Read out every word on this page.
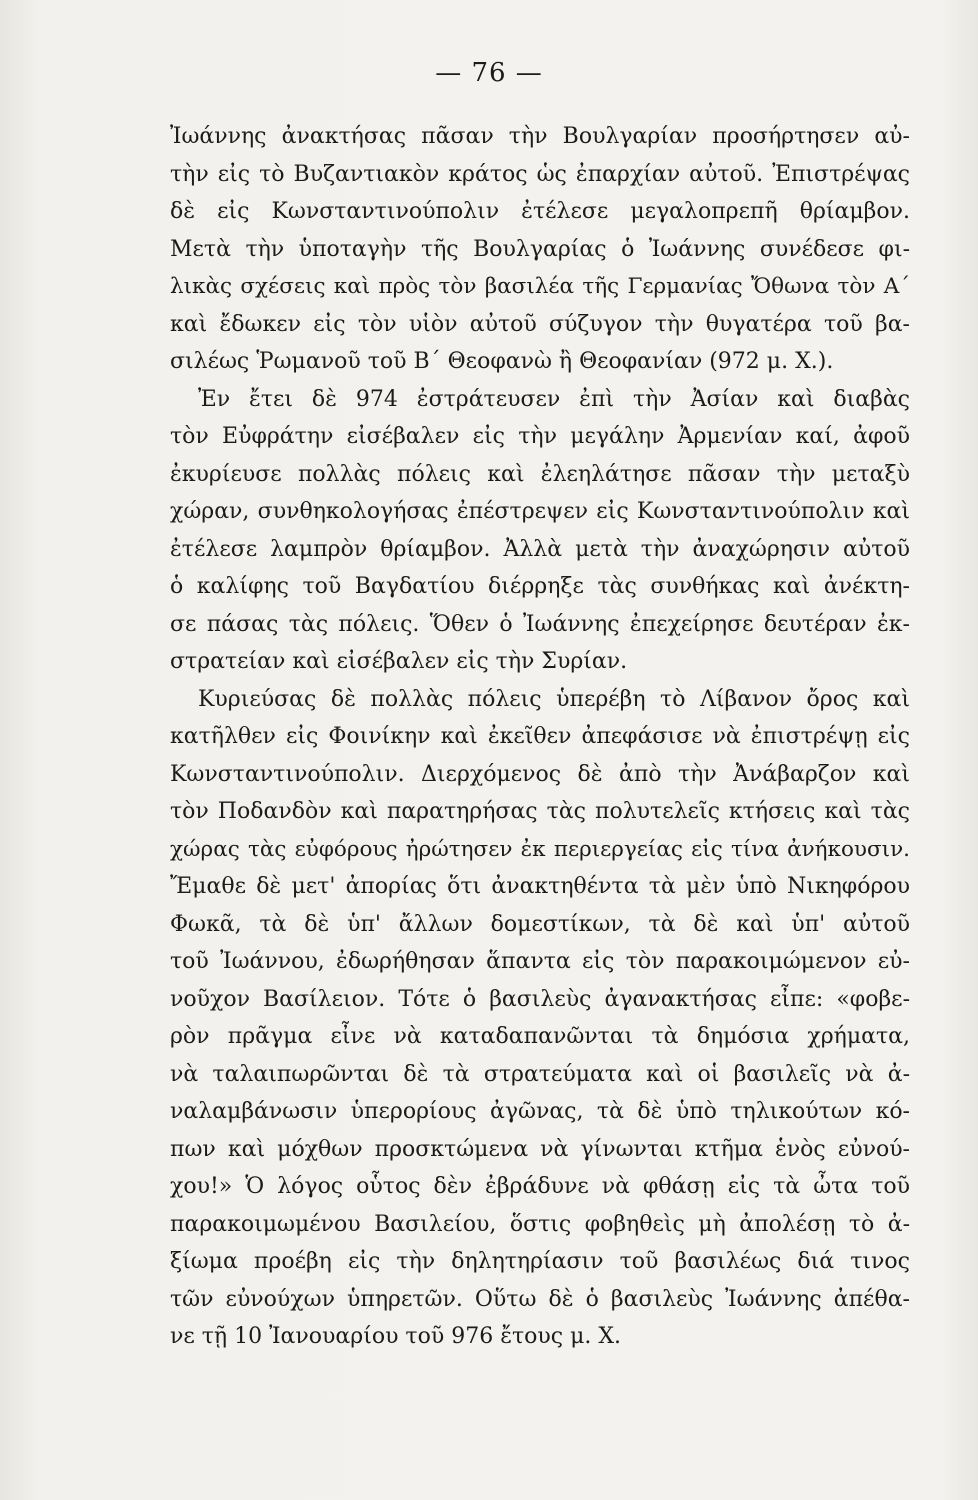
— 76 —
Ἰωάννης ἀνακτήσας πᾶσαν τὴν Βουλγαρίαν προσήρτησεν αὐ-
τὴν εἰς τὸ Βυζαντιακὸν κράτος ὡς ἐπαρχίαν αὐτοῦ. Ἐπιστρέψας
δὲ εἰς Κωνσταντινούπολιν ἐτέλεσε μεγαλοπρεπῆ θρίαμβον.
Μετὰ τὴν ὑποταγὴν τῆς Βουλγαρίας ὁ Ἰωάννης συνέδεσε φι-
λικὰς σχέσεις καὶ πρὸς τὸν βασιλέα τῆς Γερμανίας Ὄθωνα τὸν Α΄
καὶ ἔδωκεν εἰς τὸν υἱὸν αὐτοῦ σύζυγον τὴν θυγατέρα τοῦ βα-
σιλέως Ῥωμανοῦ τοῦ Β΄ Θεοφανὼ ἢ Θεοφανίαν (972 μ. Χ.).
Ἐν ἔτει δὲ 974 ἐστράτευσεν ἐπὶ τὴν Ἀσίαν καὶ διαβὰς
τὸν Εὐφράτην εἰσέβαλεν εἰς τὴν μεγάλην Ἀρμενίαν καί, ἀφοῦ
ἐκυρίευσε πολλὰς πόλεις καὶ ἐλεηλάτησε πᾶσαν τὴν μεταξὺ
χώραν, συνθηκολογήσας ἐπέστρεψεν εἰς Κωνσταντινούπολιν καὶ
ἐτέλεσε λαμπρὸν θρίαμβον. Ἀλλὰ μετὰ τὴν ἀναχώρησιν αὐτοῦ
ὁ καλίφης τοῦ Βαγδατίου διέρρηξε τὰς συνθήκας καὶ ἀνέκτη-
σε πάσας τὰς πόλεις. Ὅθεν ὁ Ἰωάννης ἐπεχείρησε δευτέραν ἐκ-
στρατείαν καὶ εἰσέβαλεν εἰς τὴν Συρίαν.
Κυριεύσας δὲ πολλὰς πόλεις ὑπερέβη τὸ Λίβανον ὄρος καὶ
κατῆλθεν εἰς Φοινίκην καὶ ἐκεῖθεν ἀπεφάσισε νὰ ἐπιστρέψῃ εἰς
Κωνσταντινούπολιν. Διερχόμενος δὲ ἀπὸ τὴν Ἀνάβαρζον καὶ
τὸν Ποδανδὸν καὶ παρατηρήσας τὰς πολυτελεῖς κτήσεις καὶ τὰς
χώρας τὰς εὐφόρους ἠρώτησεν ἐκ περιεργείας εἰς τίνα ἀνήκουσιν.
Ἔμαθε δὲ μετ' ἀπορίας ὅτι ἀνακτηθέντα τὰ μὲν ὑπὸ Νικηφόρου
Φωκᾶ, τὰ δὲ ὑπ' ἄλλων δομεστίκων, τὰ δὲ καὶ ὑπ' αὐτοῦ
τοῦ Ἰωάννου, ἐδωρήθησαν ἅπαντα εἰς τὸν παρακοιμώμενον εὐ-
νοῦχον Βασίλειον. Τότε ὁ βασιλεὺς ἀγανακτήσας εἶπε: «φοβε-
ρὸν πρᾶγμα εἶνε νὰ καταδαπανῶνται τὰ δημόσια χρήματα,
νὰ ταλαιπωρῶνται δὲ τὰ στρατεύματα καὶ οἱ βασιλεῖς νὰ ἀ-
ναλαμβάνωσιν ὑπερορίους ἀγῶνας, τὰ δὲ ὑπὸ τηλικούτων κό-
πων καὶ μόχθων προσκτώμενα νὰ γίνωνται κτῆμα ἑνὸς εὐνού-
χου!» Ὁ λόγος οὗτος δὲν ἐβράδυνε νὰ φθάσῃ εἰς τὰ ὦτα τοῦ
παρακοιμωμένου Βασιλείου, ὅστις φοβηθεὶς μὴ ἀπολέσῃ τὸ ἀ-
ξίωμα προέβη εἰς τὴν δηλητηρίασιν τοῦ βασιλέως διά τινος
τῶν εὐνούχων ὑπηρετῶν. Οὕτω δὲ ὁ βασιλεὺς Ἰωάννης ἀπέθα-
νε τῇ 10 Ἰανουαρίου τοῦ 976 ἔτους μ. Χ.
